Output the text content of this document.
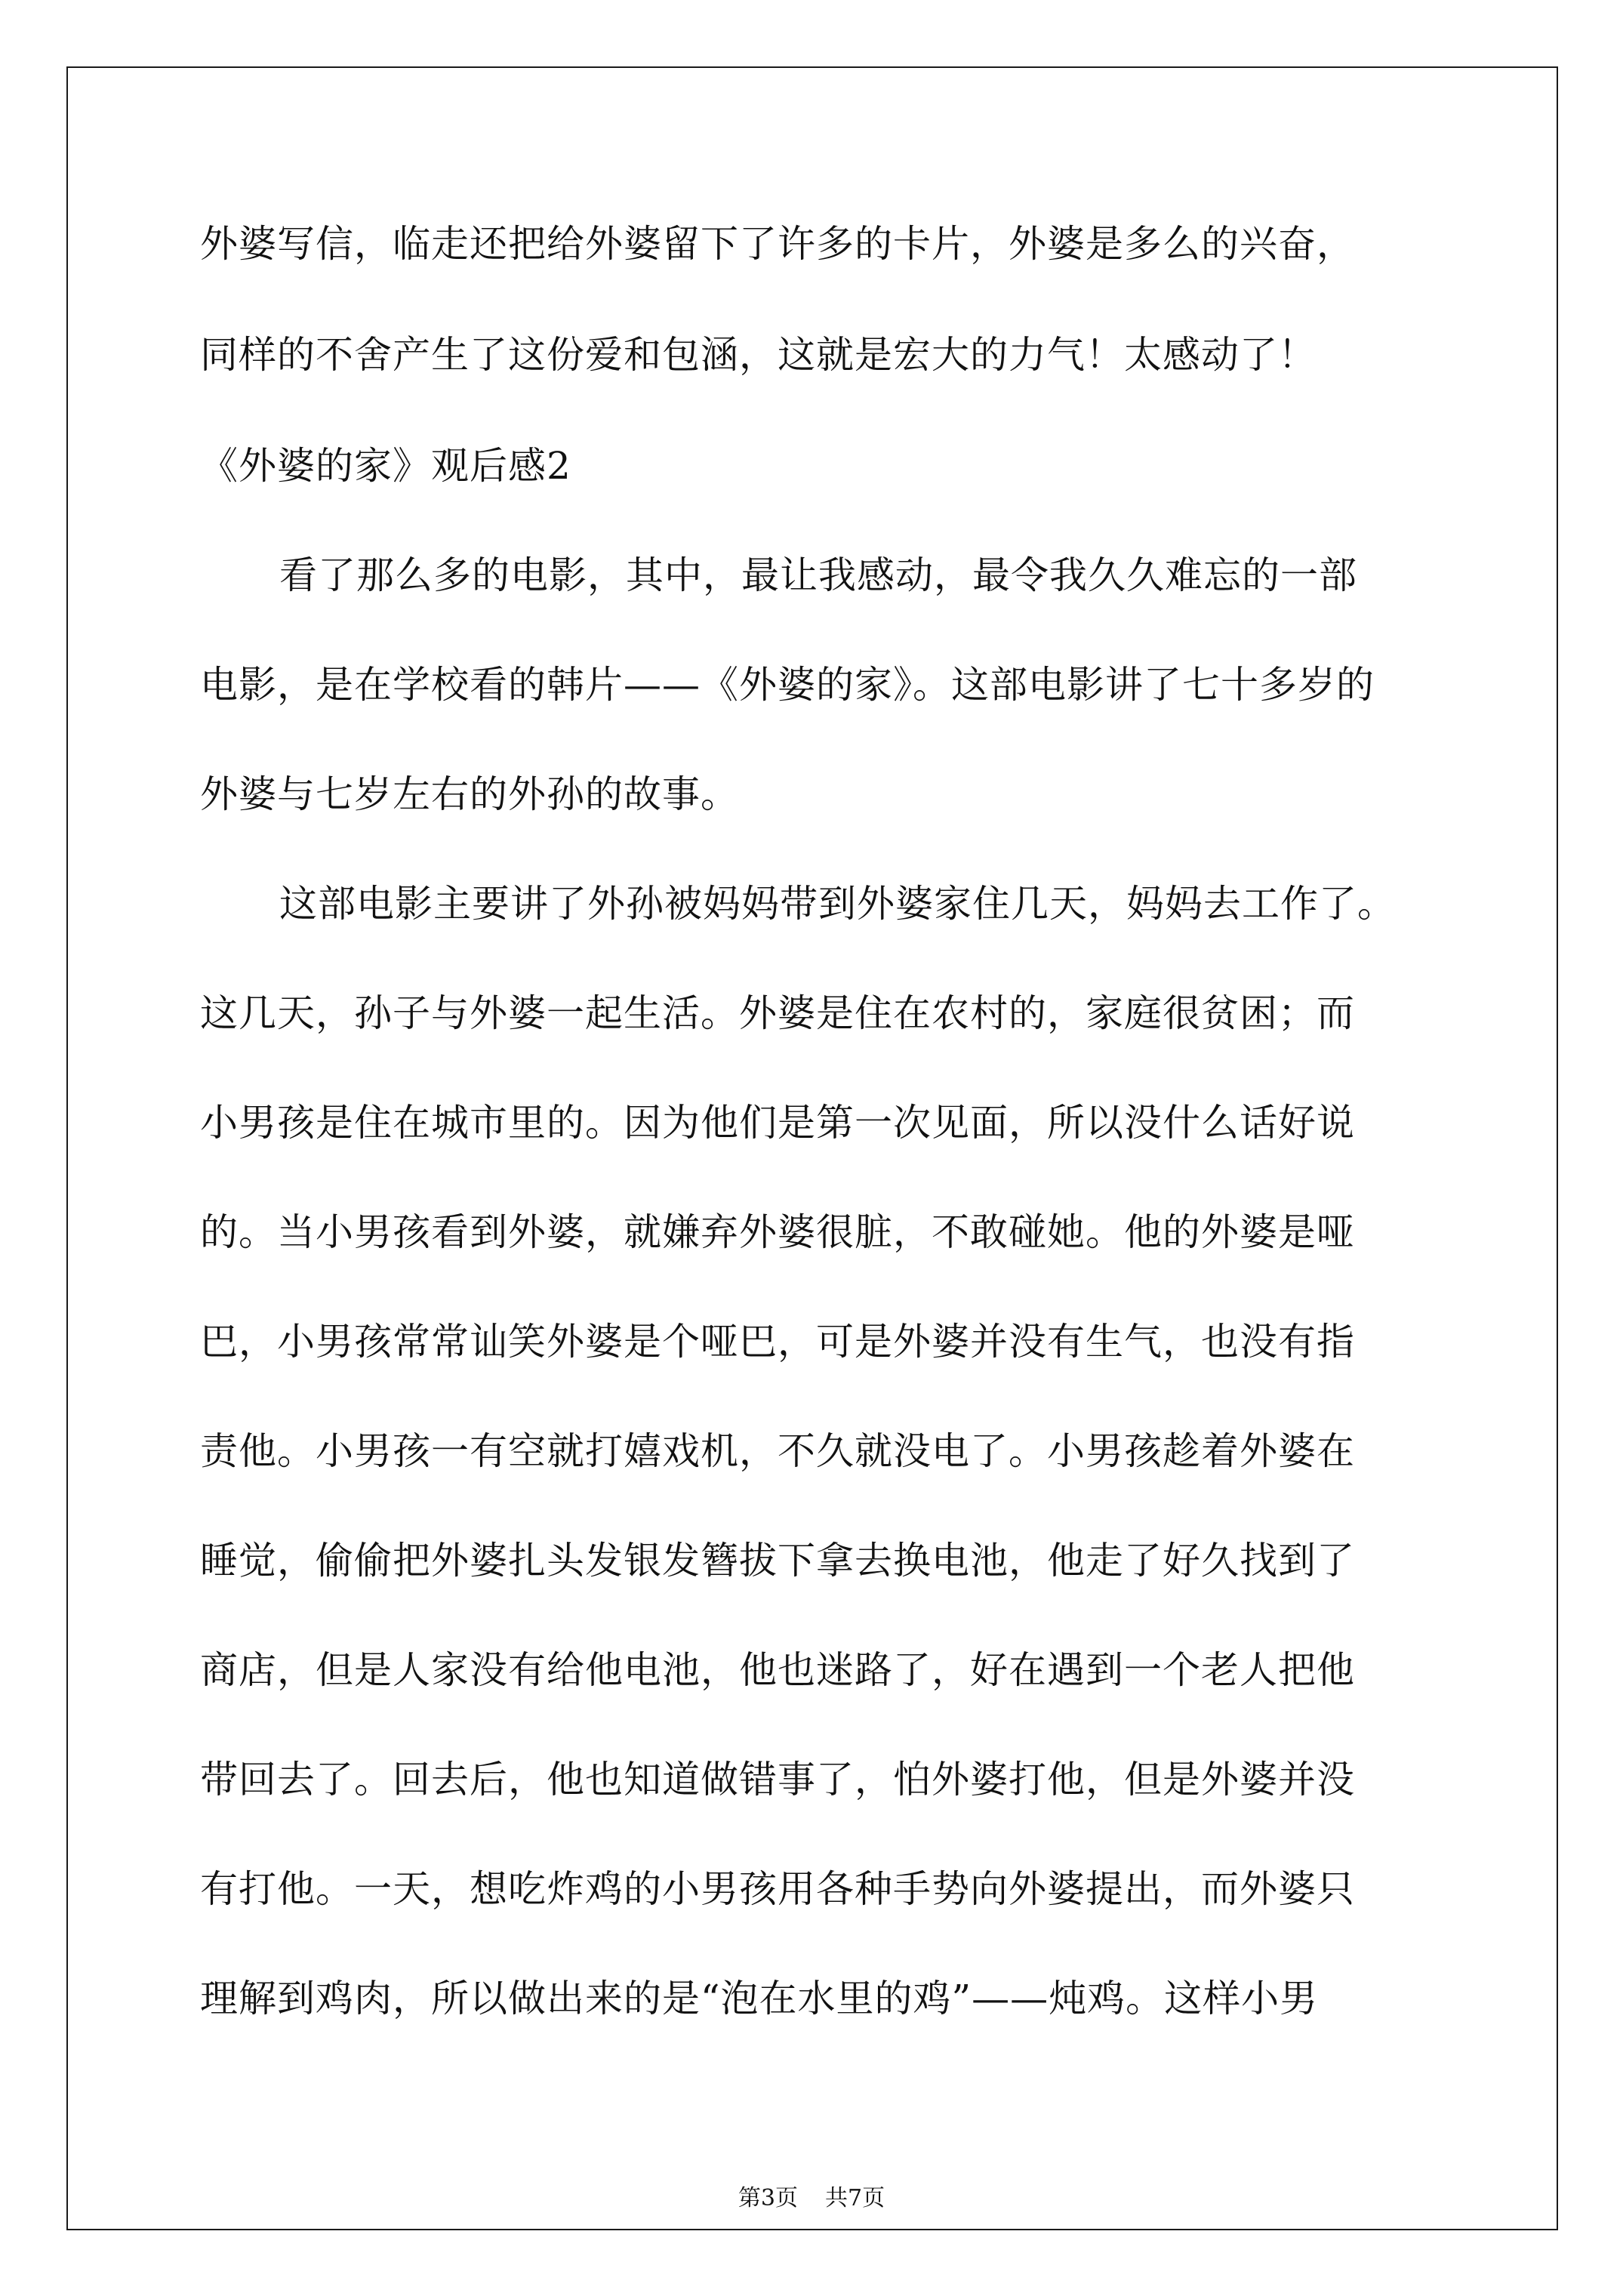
外婆写信，临走还把给外婆留下了许多的卡片，外婆是多么的兴奋，
同样的不舍产生了这份爱和包涵，这就是宏大的力气！太感动了！
《外婆的家》观后感2
看了那么多的电影，其中，最让我感动，最令我久久难忘的一部
电影，是在学校看的韩片——《外婆的家》。这部电影讲了七十多岁的
外婆与七岁左右的外孙的故事。
这部电影主要讲了外孙被妈妈带到外婆家住几天，妈妈去工作了。
这几天，孙子与外婆一起生活。外婆是住在农村的，家庭很贫困；而
小男孩是住在城市里的。因为他们是第一次见面，所以没什么话好说
的。当小男孩看到外婆，就嫌弃外婆很脏，不敢碰她。他的外婆是哑
巴，小男孩常常讪笑外婆是个哑巴，可是外婆并没有生气，也没有指
责他。小男孩一有空就打嬉戏机，不久就没电了。小男孩趁着外婆在
睡觉，偷偷把外婆扎头发银发簪拔下拿去换电池，他走了好久找到了
商店，但是人家没有给他电池，他也迷路了，好在遇到一个老人把他
带回去了。回去后，他也知道做错事了，怕外婆打他，但是外婆并没
有打他。一天，想吃炸鸡的小男孩用各种手势向外婆提出，而外婆只
理解到鸡肉，所以做出来的是“泡在水里的鸡”——炖鸡。这样小男
第3页 共7页
